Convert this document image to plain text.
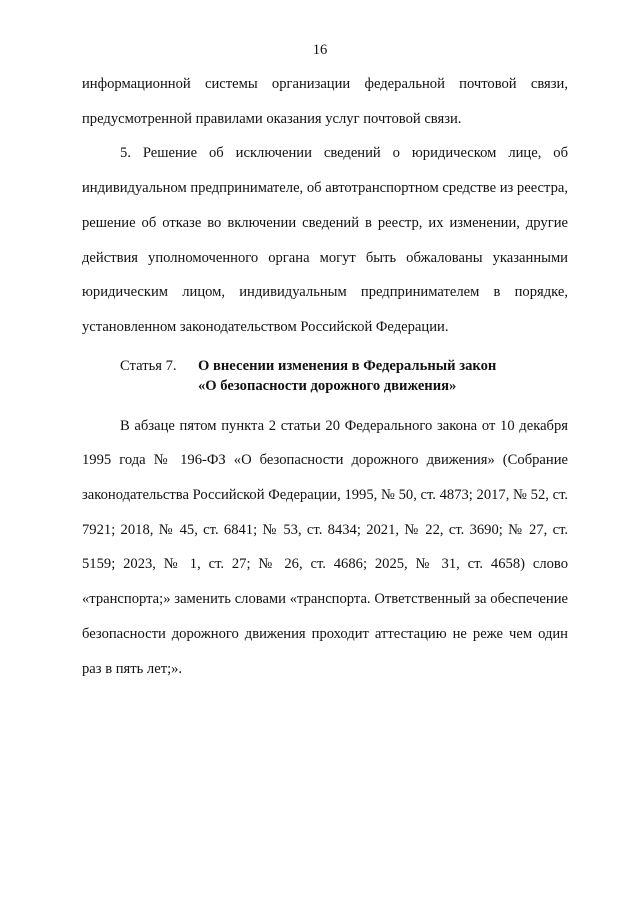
16

информационной системы организации федеральной почтовой связи, предусмотренной правилами оказания услуг почтовой связи.

5. Решение об исключении сведений о юридическом лице, об индивидуальном предпринимателе, об автотранспортном средстве из реестра, решение об отказе во включении сведений в реестр, их изменении, другие действия уполномоченного органа могут быть обжалованы указанными юридическим лицом, индивидуальным предпринимателем в порядке, установленном законодательством Российской Федерации.

Статья 7.	О внесении изменения в Федеральный закон
«О безопасности дорожного движения»

В абзаце пятом пункта 2 статьи 20 Федерального закона от 10 декабря 1995 года № 196-ФЗ «О безопасности дорожного движения» (Собрание законодательства Российской Федерации, 1995, № 50, ст. 4873; 2017, № 52, ст. 7921; 2018, № 45, ст. 6841; № 53, ст. 8434; 2021, № 22, ст. 3690; № 27, ст. 5159; 2023, № 1, ст. 27; № 26, ст. 4686; 2025, № 31, ст. 4658) слово «транспорта;» заменить словами «транспорта. Ответственный за обеспечение безопасности дорожного движения проходит аттестацию не реже чем один раз в пять лет;».
